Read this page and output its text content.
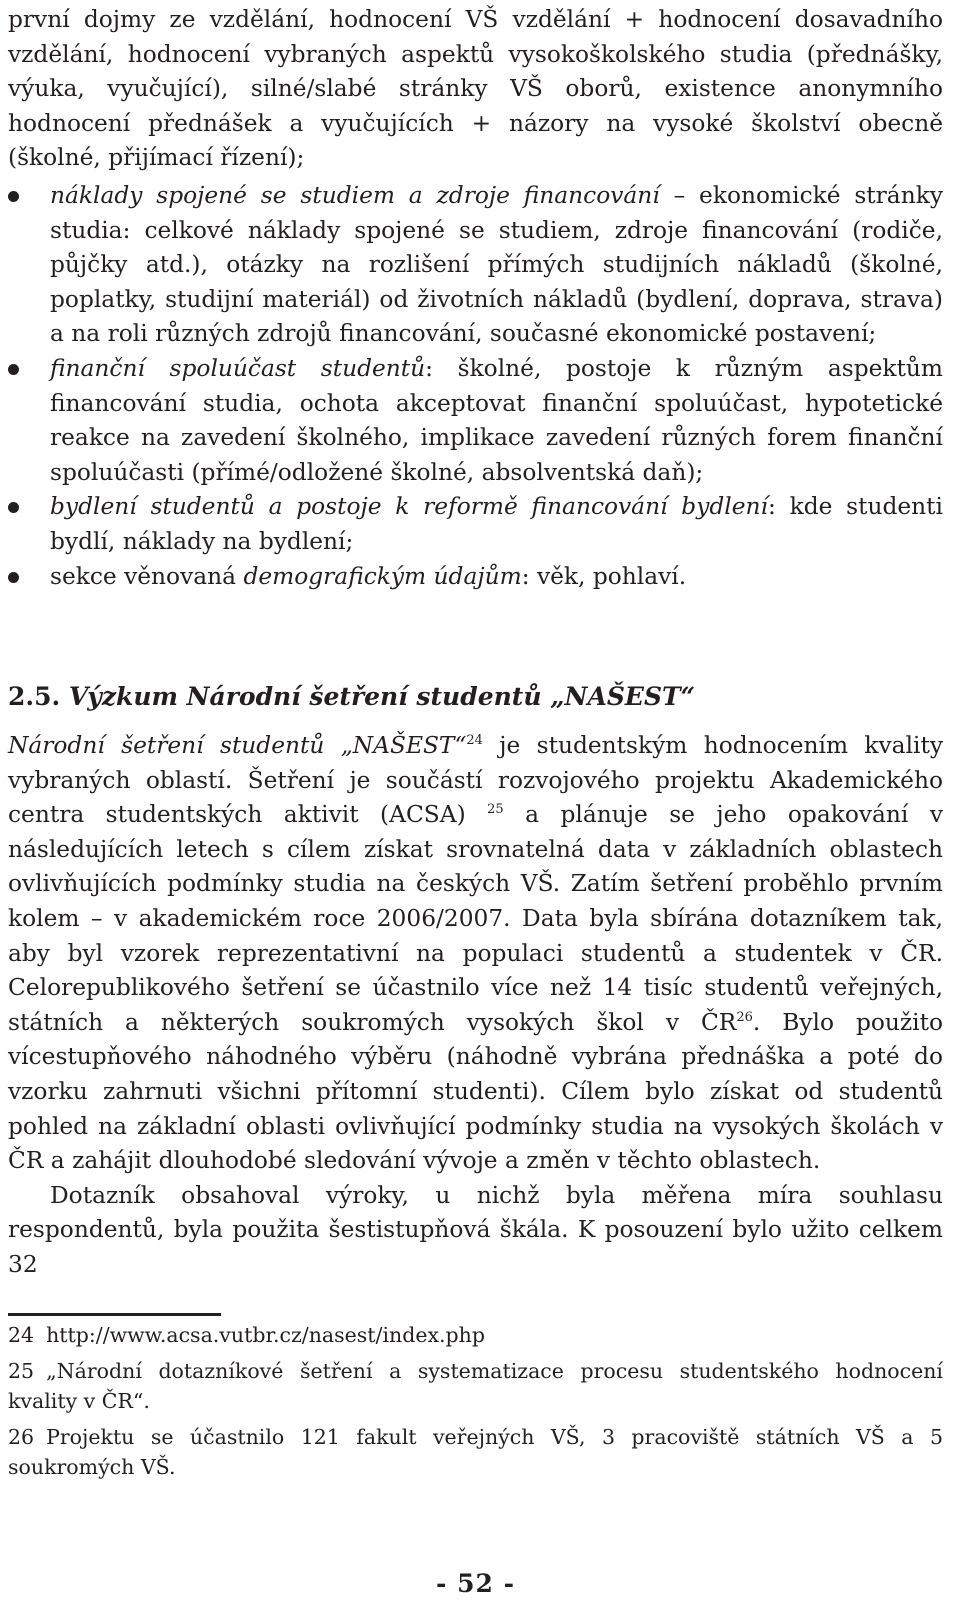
první dojmy ze vzdělání, hodnocení VŠ vzdělání + hodnocení dosavadního vzdělání, hodnocení vybraných aspektů vysokoškolského studia (přednášky, výuka, vyučující), silné/slabé stránky VŠ oborů, existence anonymního hodnocení přednášek a vyučujících + názory na vysoké školství obecně (školné, přijímací řízení);

náklady spojené se studiem a zdroje financování – ekonomické stránky studia: celkové náklady spojené se studiem, zdroje financování (rodiče, půjčky atd.), otázky na rozlišení přímých studijních nákladů (školné, poplatky, studijní materiál) od životních nákladů (bydlení, doprava, strava) a na roli různých zdrojů financování, současné ekonomické postavení;
finanční spoluúčast studentů: školné, postoje k různým aspektům financování studia, ochota akceptovat finanční spoluúčast, hypotetické reakce na zavedení školného, implikace zavedení různých forem finanční spoluúčasti (přímé/odložené školné, absolventská daň);
bydlení studentů a postoje k reformě financování bydlení: kde studenti bydlí, náklady na bydlení;
sekce věnovaná demografickým údajům: věk, pohlaví.
2.5. Výzkum Národní šetření studentů „NAŠEST“

Národní šetření studentů „NAŠEST“$^{24}$ je studentským hodnocením kvality vybraných oblastí. Šetření je součástí rozvojového projektu Akademického centra studentských aktivit (ACSA) $^{25}$ a plánuje se jeho opakování v následujících letech s cílem získat srovnatelná data v základních oblastech ovlivňujících podmínky studia na českých VŠ. Zatím šetření proběhlo prvním kolem – v akademickém roce 2006/2007. Data byla sbírána dotazníkem tak, aby byl vzorek reprezentativní na populaci studentů a studentek v ČR. Celorepublikového šetření se účastnilo více než 14 tisíc studentů veřejných, státních a některých soukromých vysokých škol v ČR$^{26}$. Bylo použito vícestupňového náhodného výběru (náhodně vybrána přednáška a poté do vzorku zahrnuti všichni přítomní studenti). Cílem bylo získat od studentů pohled na základní oblasti ovlivňující podmínky studia na vysokých školách v ČR a zahájit dlouhodobé sledování vývoje a změn v těchto oblastech.

Dotazník obsahoval výroky, u nichž byla měřena míra souhlasu respondentů, byla použita šestistupňová škála. K posouzení bylo užito celkem 32

24 http://www.acsa.vutbr.cz/nasest/index.php

25 „Národní dotazníkové šetření a systematizace procesu studentského hodnocení kvality v ČR“.

26 Projektu se účastnilo 121 fakult veřejných VŠ, 3 pracoviště státních VŠ a 5 soukromých VŠ.

- 52 -
